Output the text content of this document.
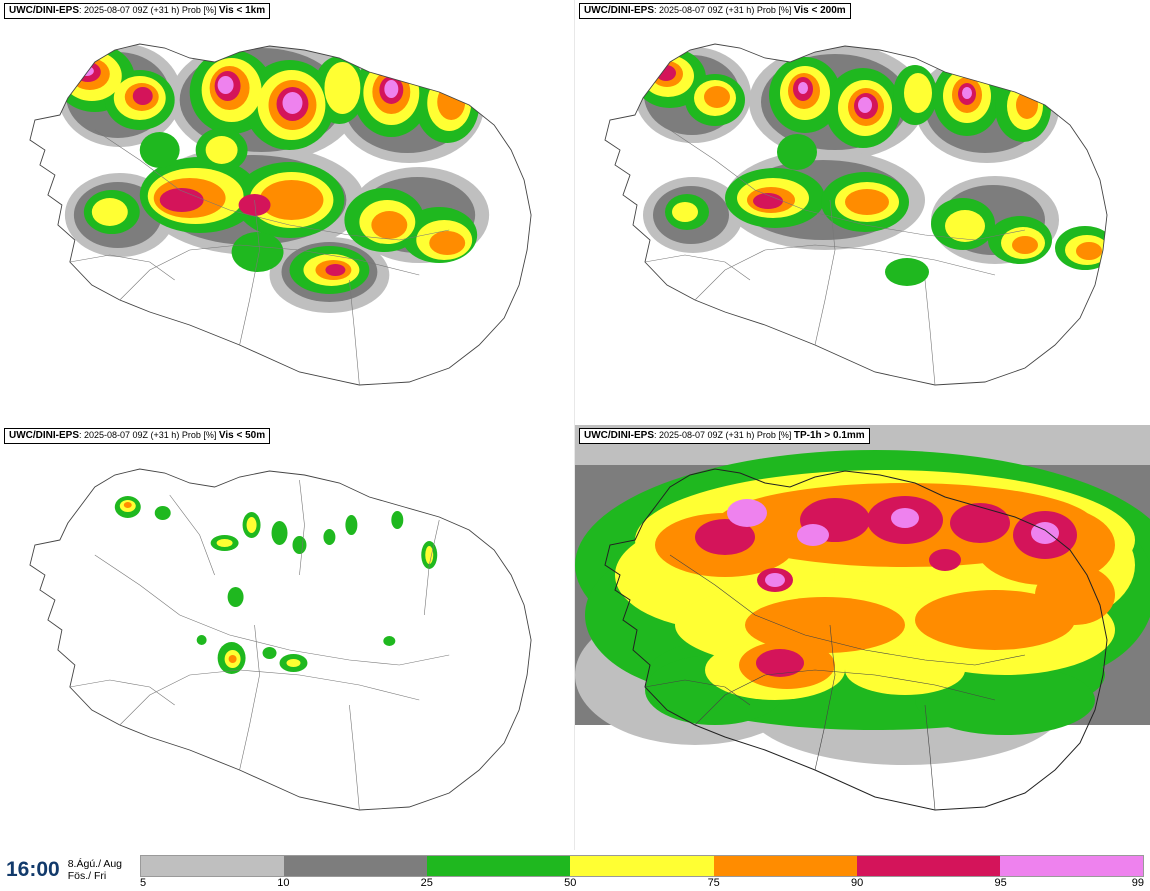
UWC/DINI-EPS: 2025-08-07 09Z (+31 h) Prob [%] Vis < 1km	UWC/DINI-EPS: 2025-08-07 09Z (+31 h) Prob [%] Vis < 200m
UWC/DINI-EPS: 2025-08-07 09Z (+31 h) Prob [%] Vis < 50m	UWC/DINI-EPS: 2025-08-07 09Z (+31 h) Prob [%] TP-1h > 0.1mm
16:00 8.Ágú./ Aug
Fös./ Fri
5	10	25	50	75	90	95	99
